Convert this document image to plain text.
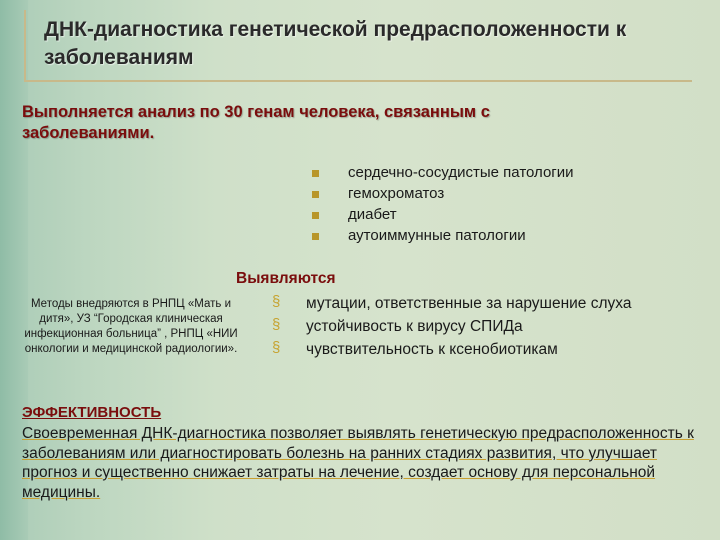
ДНК-диагностика генетической предрасположенности к заболеваниям
Выполняется анализ по 30 генам человека, связанным с заболеваниями.
сердечно-сосудистые патологии
гемохроматоз
диабет
аутоиммунные патологии
Выявляются
§ мутации, ответственные за нарушение слуха
§ устойчивость к вирусу СПИДа
§ чувствительность к ксенобиотикам
Методы внедряются в РНПЦ «Мать и дитя», УЗ “Городская клиническая инфекционная больница” , РНПЦ «НИИ онкологии и медицинской радиологии».
ЭФФЕКТИВНОСТЬ
Своевременная ДНК-диагностика позволяет выявлять генетическую предрасположенность к заболеваниям или диагностировать болезнь на ранних стадиях развития, что улучшает прогноз и существенно снижает затраты на лечение, создает основу для персональной медицины.
